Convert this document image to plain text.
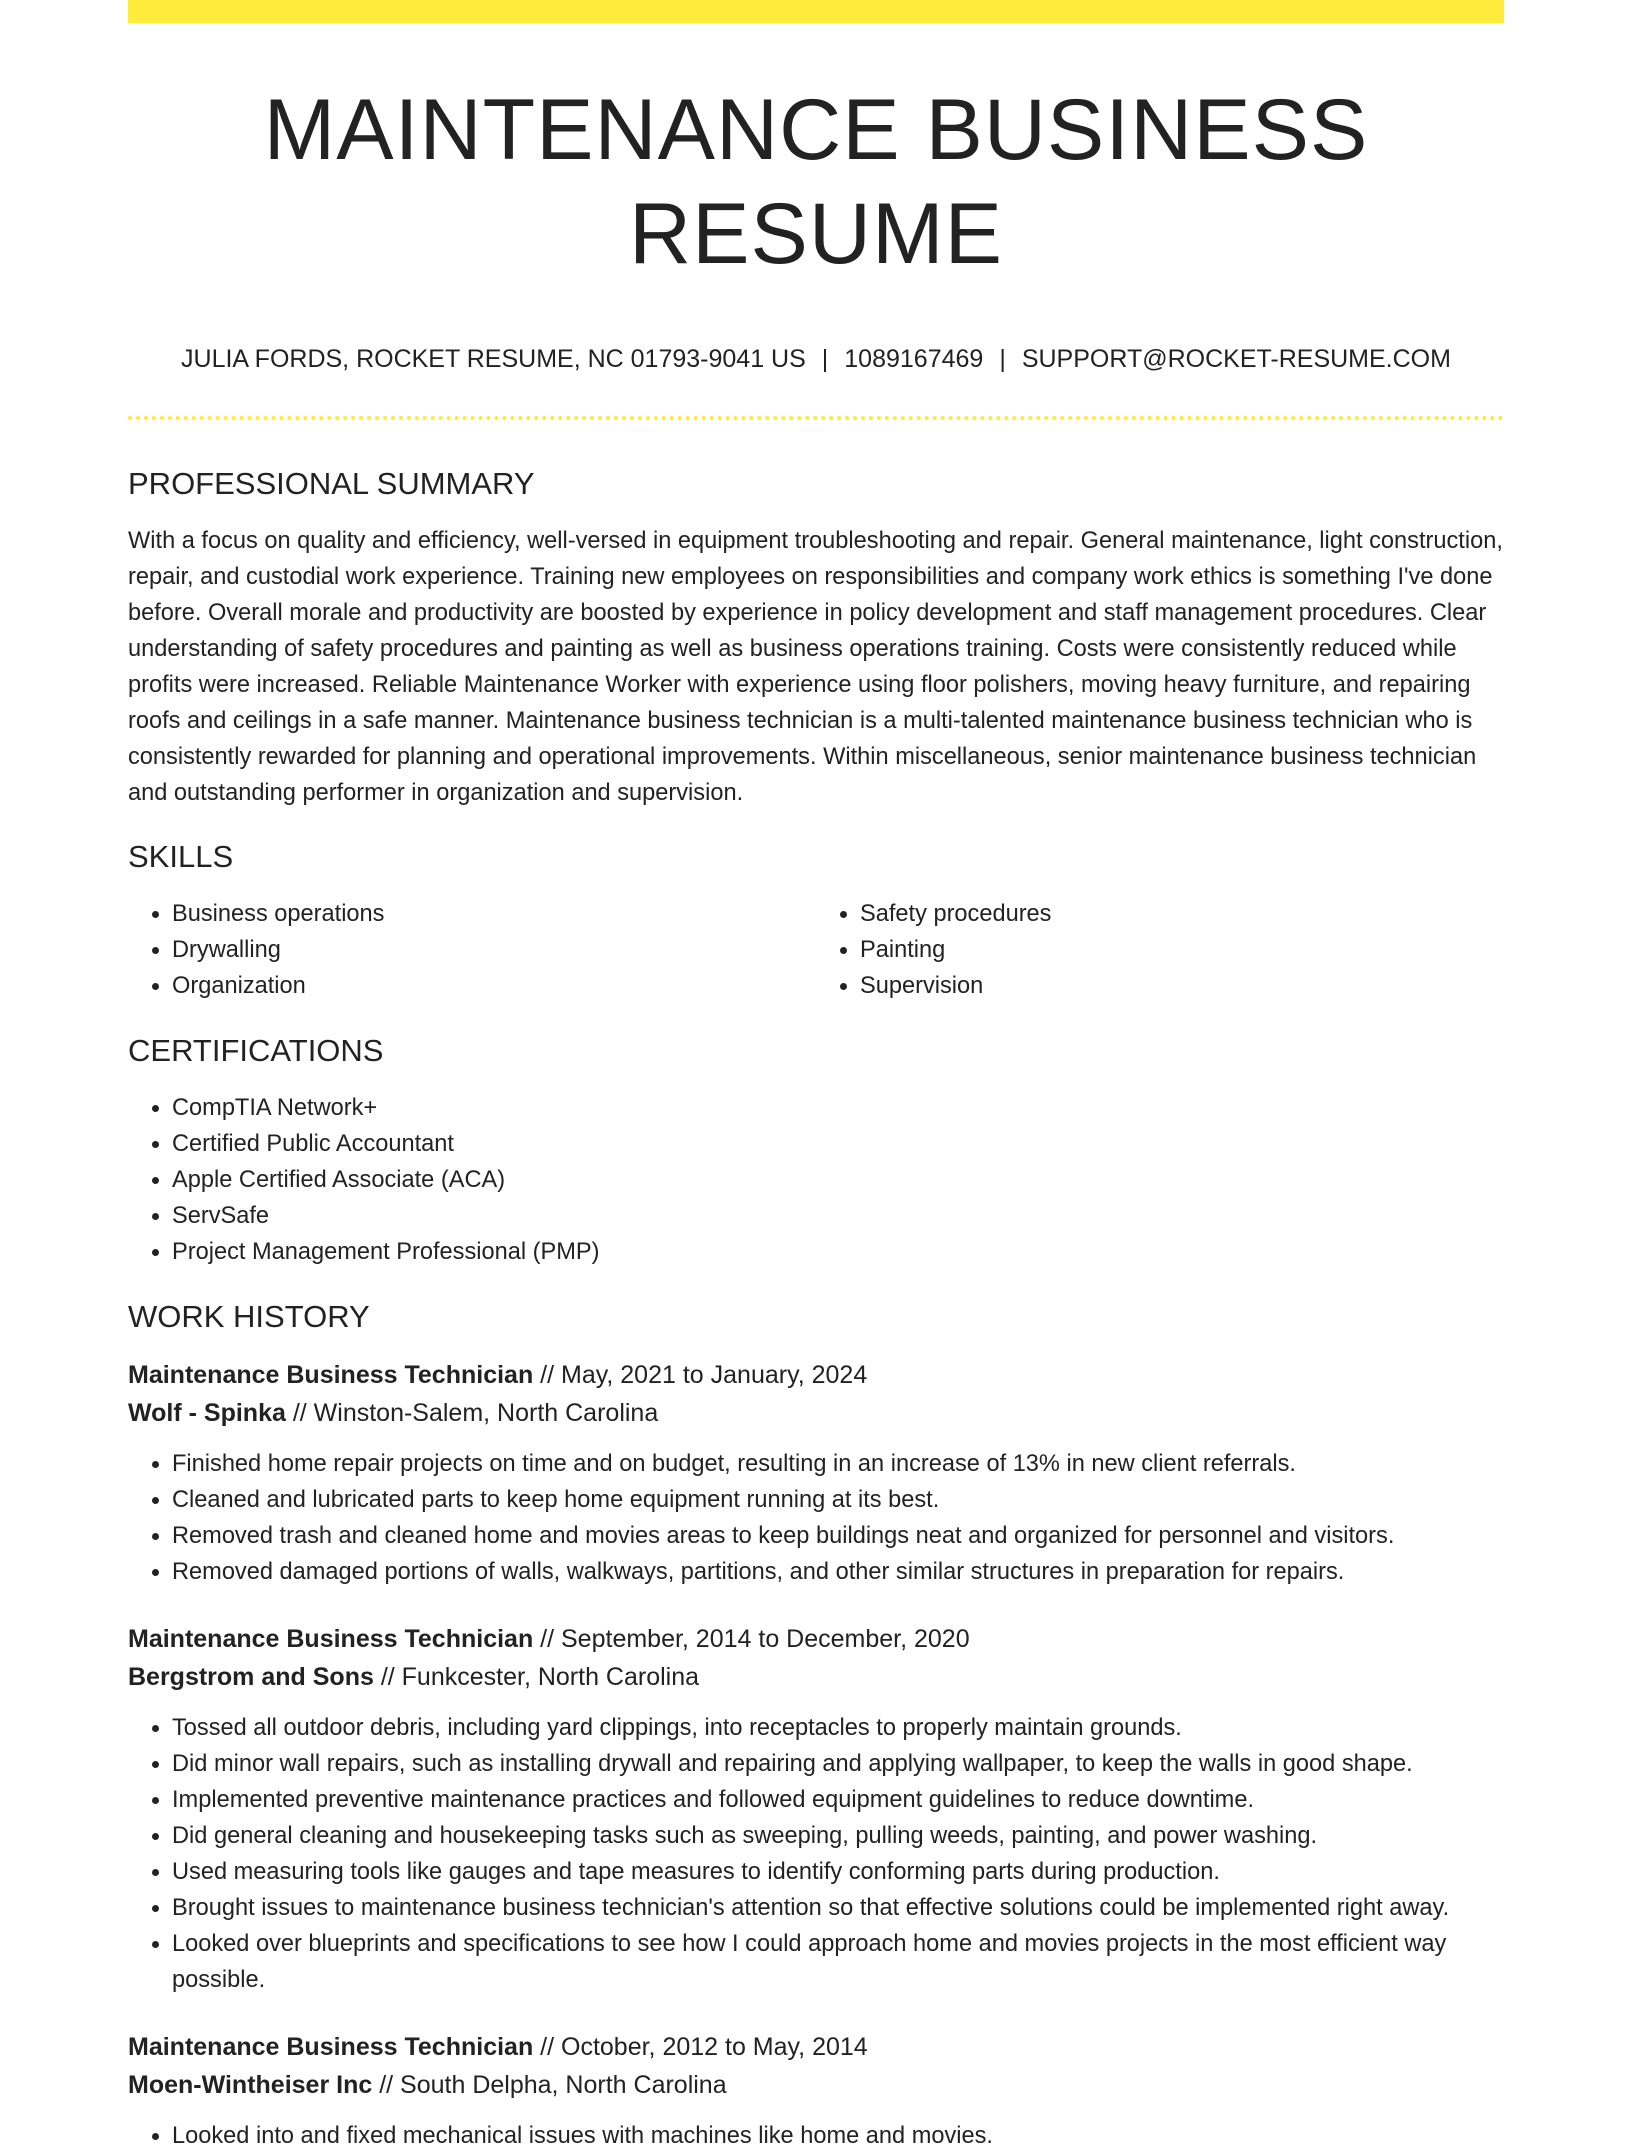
MAINTENANCE BUSINESS RESUME
JULIA FORDS, ROCKET RESUME, NC 01793-9041 US | 1089167469 | SUPPORT@ROCKET-RESUME.COM
PROFESSIONAL SUMMARY

With a focus on quality and efficiency, well-versed in equipment troubleshooting and repair. General maintenance, light construction, repair, and custodial work experience. Training new employees on responsibilities and company work ethics is something I've done before. Overall morale and productivity are boosted by experience in policy development and staff management procedures. Clear understanding of safety procedures and painting as well as business operations training. Costs were consistently reduced while profits were increased. Reliable Maintenance Worker with experience using floor polishers, moving heavy furniture, and repairing roofs and ceilings in a safe manner. Maintenance business technician is a multi-talented maintenance business technician who is consistently rewarded for planning and operational improvements. Within miscellaneous, senior maintenance business technician and outstanding performer in organization and supervision.

SKILLS
• Business operations
• Drywalling
• Organization
• Safety procedures
• Painting
• Supervision
CERTIFICATIONS
• CompTIA Network+
• Certified Public Accountant
• Apple Certified Associate (ACA)
• ServSafe
• Project Management Professional (PMP)
WORK HISTORY
Maintenance Business Technician // May, 2021 to January, 2024
Wolf - Spinka // Winston-Salem, North Carolina
• Finished home repair projects on time and on budget, resulting in an increase of 13% in new client referrals.
• Cleaned and lubricated parts to keep home equipment running at its best.
• Removed trash and cleaned home and movies areas to keep buildings neat and organized for personnel and visitors.
• Removed damaged portions of walls, walkways, partitions, and other similar structures in preparation for repairs.
Maintenance Business Technician // September, 2014 to December, 2020
Bergstrom and Sons // Funkcester, North Carolina
• Tossed all outdoor debris, including yard clippings, into receptacles to properly maintain grounds.
• Did minor wall repairs, such as installing drywall and repairing and applying wallpaper, to keep the walls in good shape.
• Implemented preventive maintenance practices and followed equipment guidelines to reduce downtime.
• Did general cleaning and housekeeping tasks such as sweeping, pulling weeds, painting, and power washing.
• Used measuring tools like gauges and tape measures to identify conforming parts during production.
• Brought issues to maintenance business technician's attention so that effective solutions could be implemented right away.
• Looked over blueprints and specifications to see how I could approach home and movies projects in the most efficient way possible.
Maintenance Business Technician // October, 2012 to May, 2014
Moen-Wintheiser Inc // South Delpha, North Carolina
• Looked into and fixed mechanical issues with machines like home and movies.
